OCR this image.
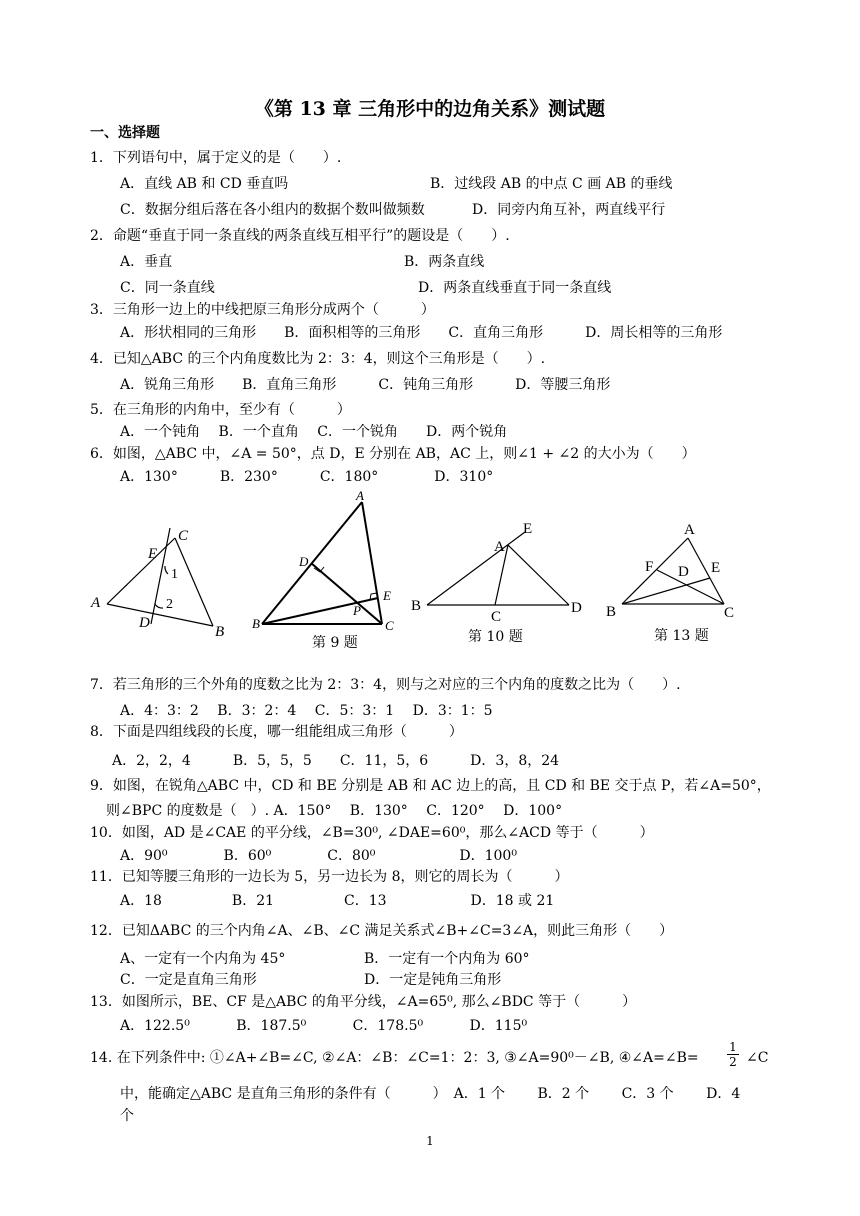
《第 13 章 三角形中的边角关系》测试题
一、选择题
1．下列语句中，属于定义的是（　　）.
A．直线 AB 和 CD 垂直吗	B．过线段 AB 的中点 C 画 AB 的垂线
C．数据分组后落在各小组内的数据个数叫做频数	D．同旁内角互补，两直线平行
2．命题“垂直于同一条直线的两条直线互相平行”的题设是（　　）.
A．垂直	B．两条直线
C．同一条直线	D．两条直线垂直于同一条直线
3．三角形一边上的中线把原三角形分成两个（　　　）
A．形状相同的三角形　　B．面积相等的三角形　　C．直角三角形　　　D．周长相等的三角形
4．已知△ABC 的三个内角度数比为 2：3：4，则这个三角形是（　　）.
A．锐角三角形　　B．直角三角形　　　C．钝角三角形　　　D．等腰三角形
5．在三角形的内角中，至少有（　　　）
A．一个钝角　 B．一个直角　 C．一个锐角　　D．两个锐角
6．如图，△ABC 中，∠A = 50°，点 D，E 分别在 AB，AC 上，则∠1 + ∠2 的大小为（　　）
A．130°　　　B．230°　　　C．180°　　　　D．310°
A
B
C
D
E
1
2
A
B	C
D
E
P
第 9 题
A
B
C
D
E
第 10 题
A
B	C
D E
F
第 13 题
7．若三角形的三个外角的度数之比为 2：3：4，则与之对应的三个内角的度数之比为（　　）.
A．4：3：2　 B．3：2：4　 C．5：3：1　 D．3：1：5
8．下面是四组线段的长度，哪一组能组成三角形（　　　）
A．2，2，4　　　B．5，5，5　　C．11，5，6　　　D．3，8，24
9．如图，在锐角△ABC 中，CD 和 BE 分别是 AB 和 AC 边上的高，且 CD 和 BE 交于点 P，若∠A=50°，
则∠BPC 的度数是（　）. A．150°　 B．130°　 C．120°　 D．100°
10．如图，AD 是∠CAE 的平分线，∠B=30⁰, ∠DAE=60⁰，那么∠ACD 等于（　　　）
A．90⁰　　　　B．60⁰　　　　C．80⁰　　　　　　D．100⁰
11．已知等腰三角形的一边长为 5，另一边长为 8，则它的周长为（　　　）
A．18　　　　　B．21　　　　　C．13　　　　　　D．18 或 21
12．已知ΔABC 的三个内角∠A、∠B、∠C 满足关系式∠B+∠C=3∠A，则此三角形（　　）
A、一定有一个内角为 45°	B．一定有一个内角为 60°
C．一定是直角三角形	D．一定是钝角三角形
13．如图所示，BE、CF 是△ABC 的角平分线，∠A=65⁰, 那么∠BDC 等于（　　　）
A．122.5⁰　　　 B．187.5⁰　　　 C．178.5⁰　　　 D．115⁰
14. 在下列条件中: ①∠A+∠B=∠C, ②∠A：∠B：∠C=1：2：3, ③∠A=90⁰－∠B, ④∠A=∠B= $\frac{1}{2}$ ∠C
中，能确定△ABC 是直角三角形的条件有（　　　）　A．1 个　　 B．2 个　　 C．3 个　　 D．4
个
1
